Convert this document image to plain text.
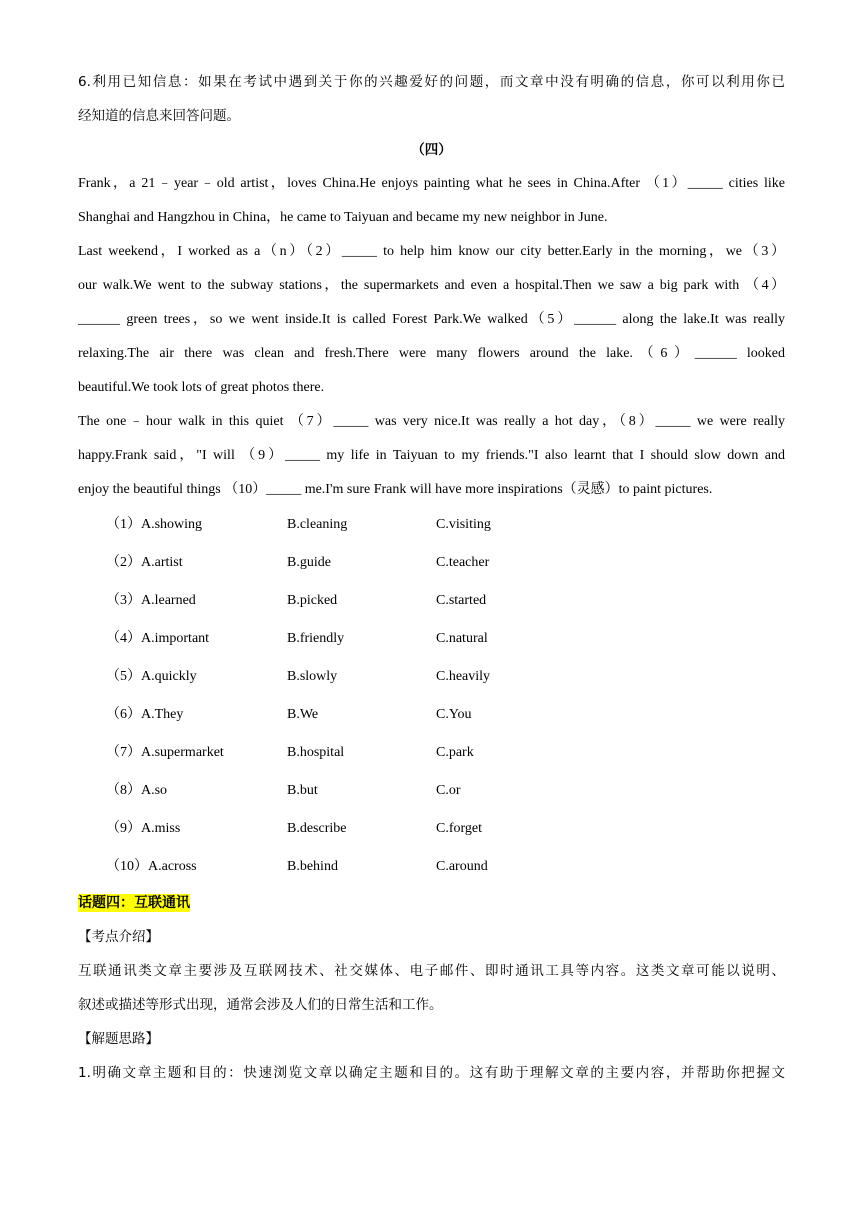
6.利用已知信息：如果在考试中遇到关于你的兴趣爱好的问题，而文章中没有明确的信息，你可以利用你已
经知道的信息来回答问题。
（四）
Frank，a 21﹣year﹣old artist，loves China.He enjoys painting what he sees in China.After （1）_____ cities like
Shanghai and Hangzhou in China，he came to Taiyuan and became my new neighbor in June.
Last weekend，I worked as a（n）（2）_____ to help him know our city better.Early in the morning，we（3）
our walk.We went to the subway stations，the supermarkets and even a hospital.Then we saw a big park with （4）
______ green trees，so we went inside.It is called Forest Park.We walked（5）______ along the lake.It was really
relaxing.The air there was clean and fresh.There were many flowers around the lake.（6）______ looked
beautiful.We took lots of great photos there.
The one﹣hour walk in this quiet （7）_____ was very nice.It was really a hot day，（8）_____ we were really
happy.Frank said，"I will （9）_____ my life in Taiyuan to my friends."I also learnt that I should slow down and
enjoy the beautiful things （10）_____ me.I'm sure Frank will have more inspirations（灵感）to paint pictures.
（1）A.showing	B.cleaning	C.visiting
（2）A.artist	B.guide	C.teacher
（3）A.learned	B.picked	C.started
（4）A.important	B.friendly	C.natural
（5）A.quickly	B.slowly	C.heavily
（6）A.They	B.We	C.You
（7）A.supermarket	B.hospital	C.park
（8）A.so	B.but	C.or
（9）A.miss	B.describe	C.forget
（10）A.across	B.behind	C.around
话题四：互联通讯
【考点介绍】
互联通讯类文章主要涉及互联网技术、社交媒体、电子邮件、即时通讯工具等内容。这类文章可能以说明、
叙述或描述等形式出现，通常会涉及人们的日常生活和工作。
【解题思路】
1.明确文章主题和目的：快速浏览文章以确定主题和目的。这有助于理解文章的主要内容，并帮助你把握文
